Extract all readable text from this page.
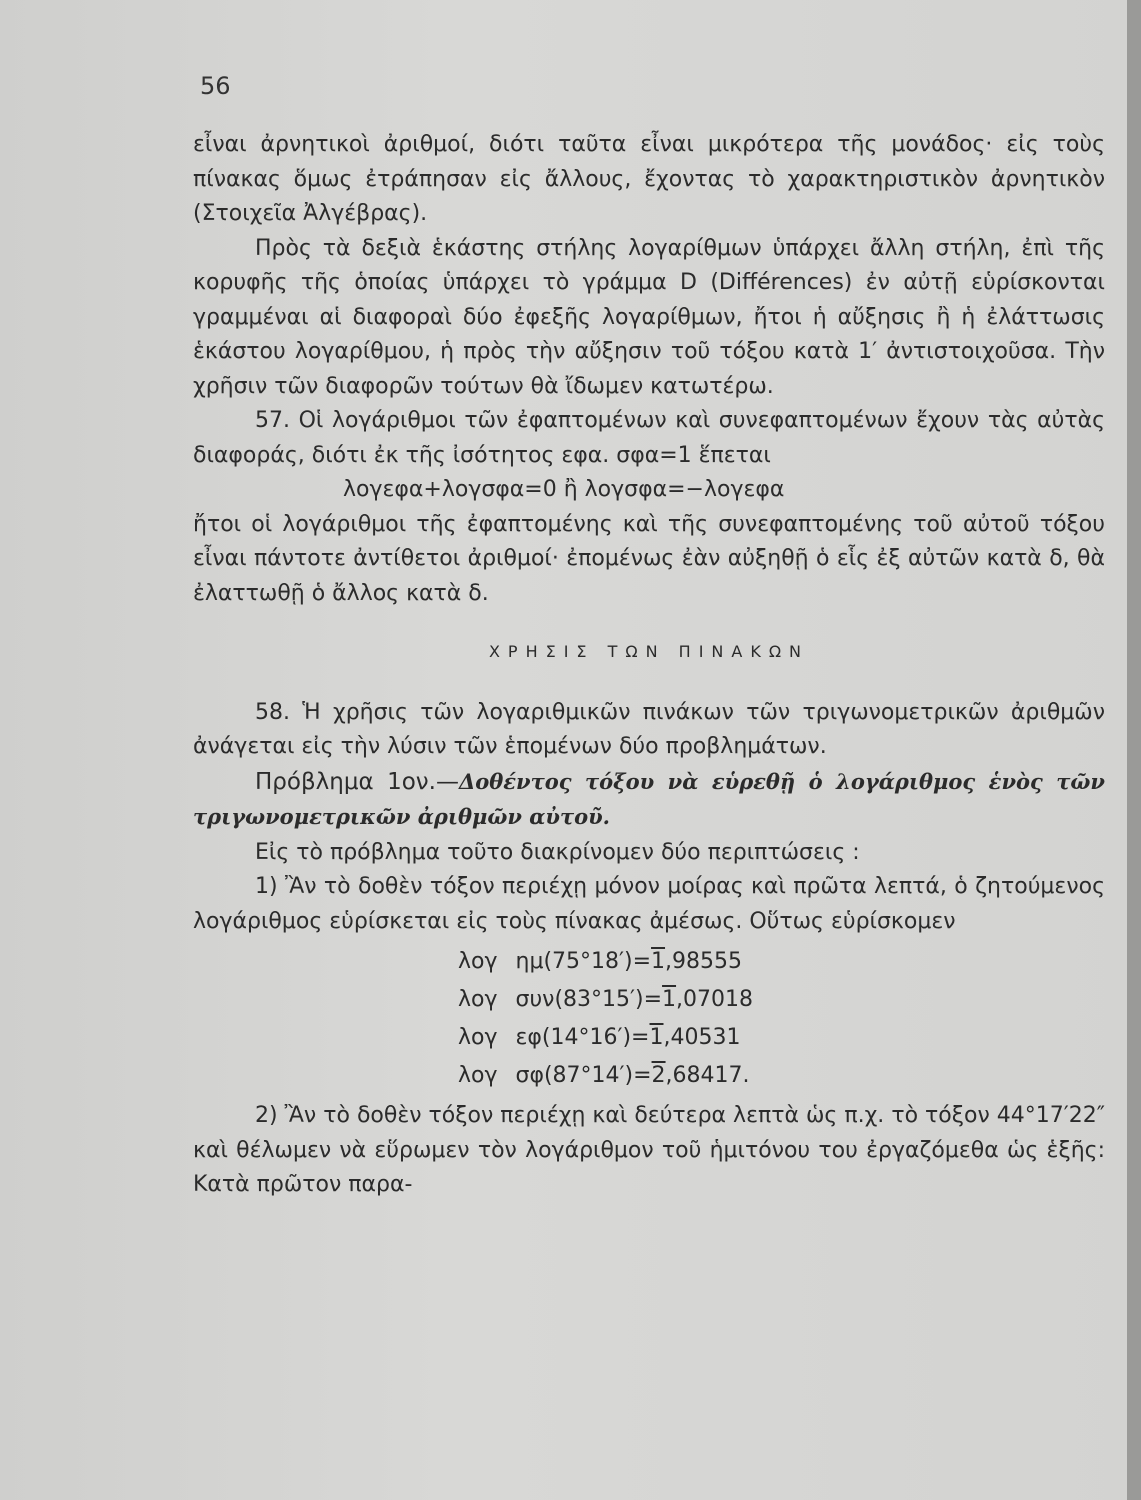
56

εἶναι ἀρνητικοὶ ἀριθμοί, διότι ταῦτα εἶναι μικρότερα τῆς μονάδος· εἰς τοὺς πίνακας ὅμως ἐτράπησαν εἰς ἄλλους, ἔχοντας τὸ χαρακτηριστικὸν ἀρνητικὸν (Στοιχεῖα Ἀλγέβρας).

Πρὸς τὰ δεξιὰ ἑκάστης στήλης λογαρίθμων ὑπάρχει ἄλλη στήλη, ἐπὶ τῆς κορυφῆς τῆς ὁποίας ὑπάρχει τὸ γράμμα D (Différences) ἐν αὐτῇ εὑρίσκονται γραμμέναι αἱ διαφοραὶ δύο ἐφεξῆς λογαρίθμων, ἤτοι ἡ αὔξησις ἢ ἡ ἐλάττωσις ἑκάστου λογαρίθμου, ἡ πρὸς τὴν αὔξησιν τοῦ τόξου κατὰ 1′ ἀντιστοιχοῦσα. Τὴν χρῆσιν τῶν διαφορῶν τούτων θὰ ἴδωμεν κατωτέρω.

57. Οἱ λογάριθμοι τῶν ἐφαπτομένων καὶ συνεφαπτομένων ἔχουν τὰς αὐτὰς διαφοράς, διότι ἐκ τῆς ἰσότητος εφα. σφα=1 ἕπεται

λογεφα+λογσφα=0 ἢ λογσφα=−λογεφα

ἤτοι οἱ λογάριθμοι τῆς ἐφαπτομένης καὶ τῆς συνεφαπτομένης τοῦ αὐτοῦ τόξου εἶναι πάντοτε ἀντίθετοι ἀριθμοί· ἐπομένως ἐὰν αὐξηθῇ ὁ εἷς ἐξ αὐτῶν κατὰ δ, θὰ ἐλαττωθῇ ὁ ἄλλος κατὰ δ.

ΧΡΗΣΙΣ ΤΩΝ ΠΙΝΑΚΩΝ

58. Ἡ χρῆσις τῶν λογαριθμικῶν πινάκων τῶν τριγωνομετρικῶν ἀριθμῶν ἀνάγεται εἰς τὴν λύσιν τῶν ἑπομένων δύο προβλημάτων.

Πρόβλημα 1ον.—Δοθέντος τόξου νὰ εὑρεθῇ ὁ λογάριθμος ἑνὸς τῶν τριγωνομετρικῶν ἀριθμῶν αὐτοῦ.

Εἰς τὸ πρόβλημα τοῦτο διακρίνομεν δύο περιπτώσεις :

1) Ἂν τὸ δοθὲν τόξον περιέχῃ μόνον μοίρας καὶ πρῶτα λεπτά, ὁ ζητούμενος λογάριθμος εὑρίσκεται εἰς τοὺς πίνακας ἀμέσως. Οὕτως εὑρίσκομεν

λογ	ημ(75°18′)=1,98555
λογ	συν(83°15′)=1,07018
λογ	εφ(14°16′)=1,40531
λογ	σφ(87°14′)=2,68417.

2) Ἂν τὸ δοθὲν τόξον περιέχῃ καὶ δεύτερα λεπτὰ ὡς π.χ. τὸ τόξον 44°17′22″ καὶ θέλωμεν νὰ εὕρωμεν τὸν λογάριθμον τοῦ ἡμιτόνου του ἐργαζόμεθα ὡς ἑξῆς: Κατὰ πρῶτον παρα-
